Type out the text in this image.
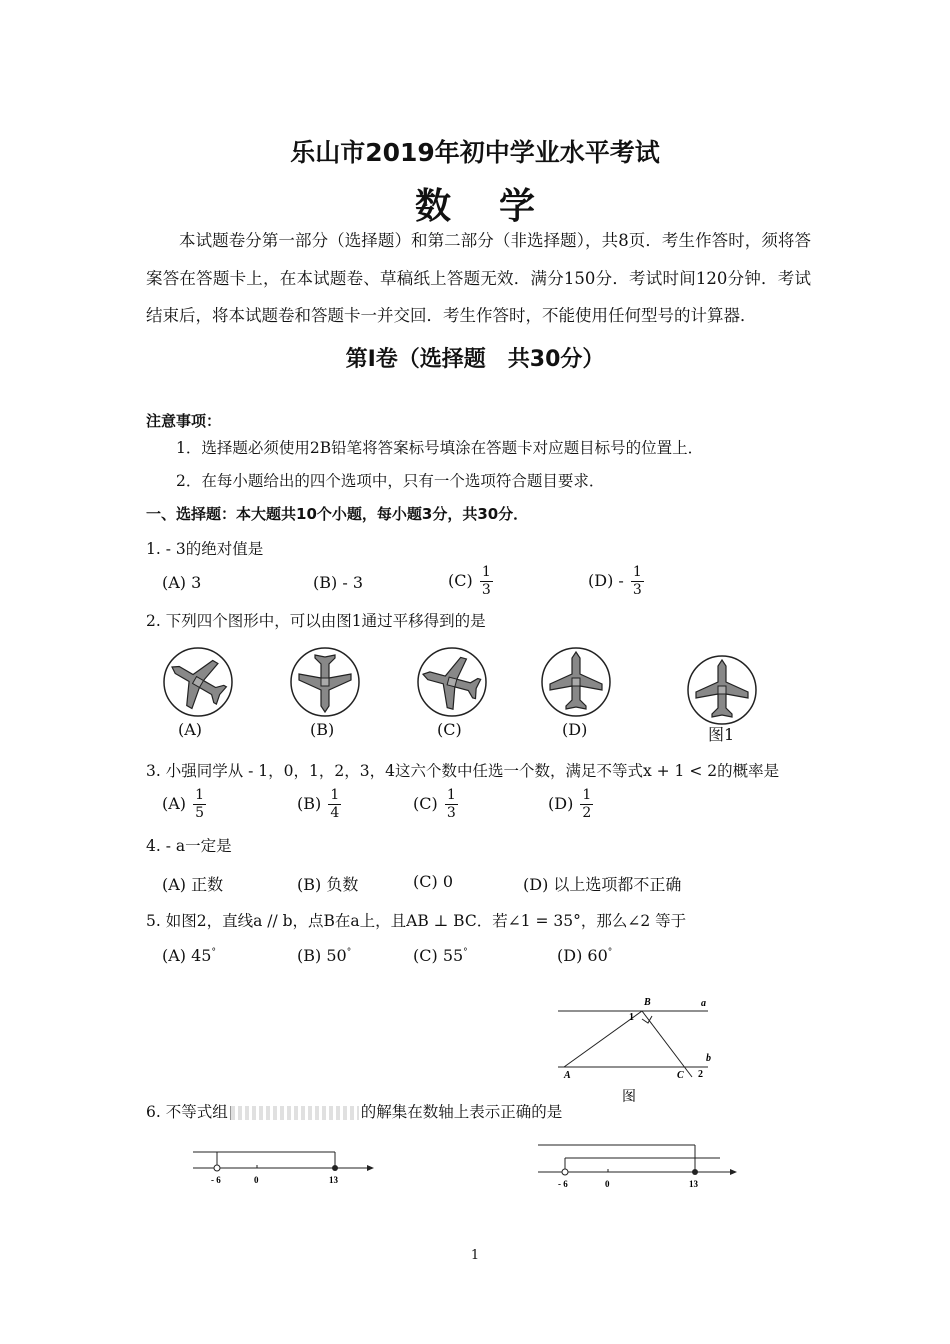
乐山市2019年初中学业水平考试
数学
本试题卷分第一部分（选择题）和第二部分（非选择题），共8页．考生作答时，须将答案答在答题卡上，在本试题卷、草稿纸上答题无效．满分150分．考试时间120分钟．考试结束后，将本试题卷和答题卡一并交回．考生作答时，不能使用任何型号的计算器．
第Ⅰ卷（选择题　共30分）
注意事项：
1．选择题必须使用2B铅笔将答案标号填涂在答题卡对应题目标号的位置上．
2．在每小题给出的四个选项中，只有一个选项符合题目要求．
一、选择题：本大题共10个小题，每小题3分，共30分．
1. - 3的绝对值是
(A) 3	(B) - 3	$(C) \frac{1}{3}$	$(D) - \frac{1}{3}$
2. 下列四个图形中，可以由图1通过平移得到的是
(A)	(B)	(C)	(D)	图1
3. 小强同学从 - 1，0，1，2，3，4这六个数中任选一个数，满足不等式x + 1 < 2的概率是
$(A) \frac{1}{5}$	$(B) \frac{1}{4}$	$(C) \frac{1}{3}$	$(D) \frac{1}{2}$
4. - a一定是
(A) 正数	(B) 负数	(C) 0	(D) 以上选项都不正确
5. 如图2，直线a // b，点B在a上，且AB ⊥ BC．若∠1 = 35°，那么∠2 等于
(A) 45°	(B) 50°	(C) 55°	(D) 60°
B	a
b
1
2
A	C
图
6. 不等式组	的解集在数轴上表示正确的是
- 6	0	13	- 6	0	13
1
